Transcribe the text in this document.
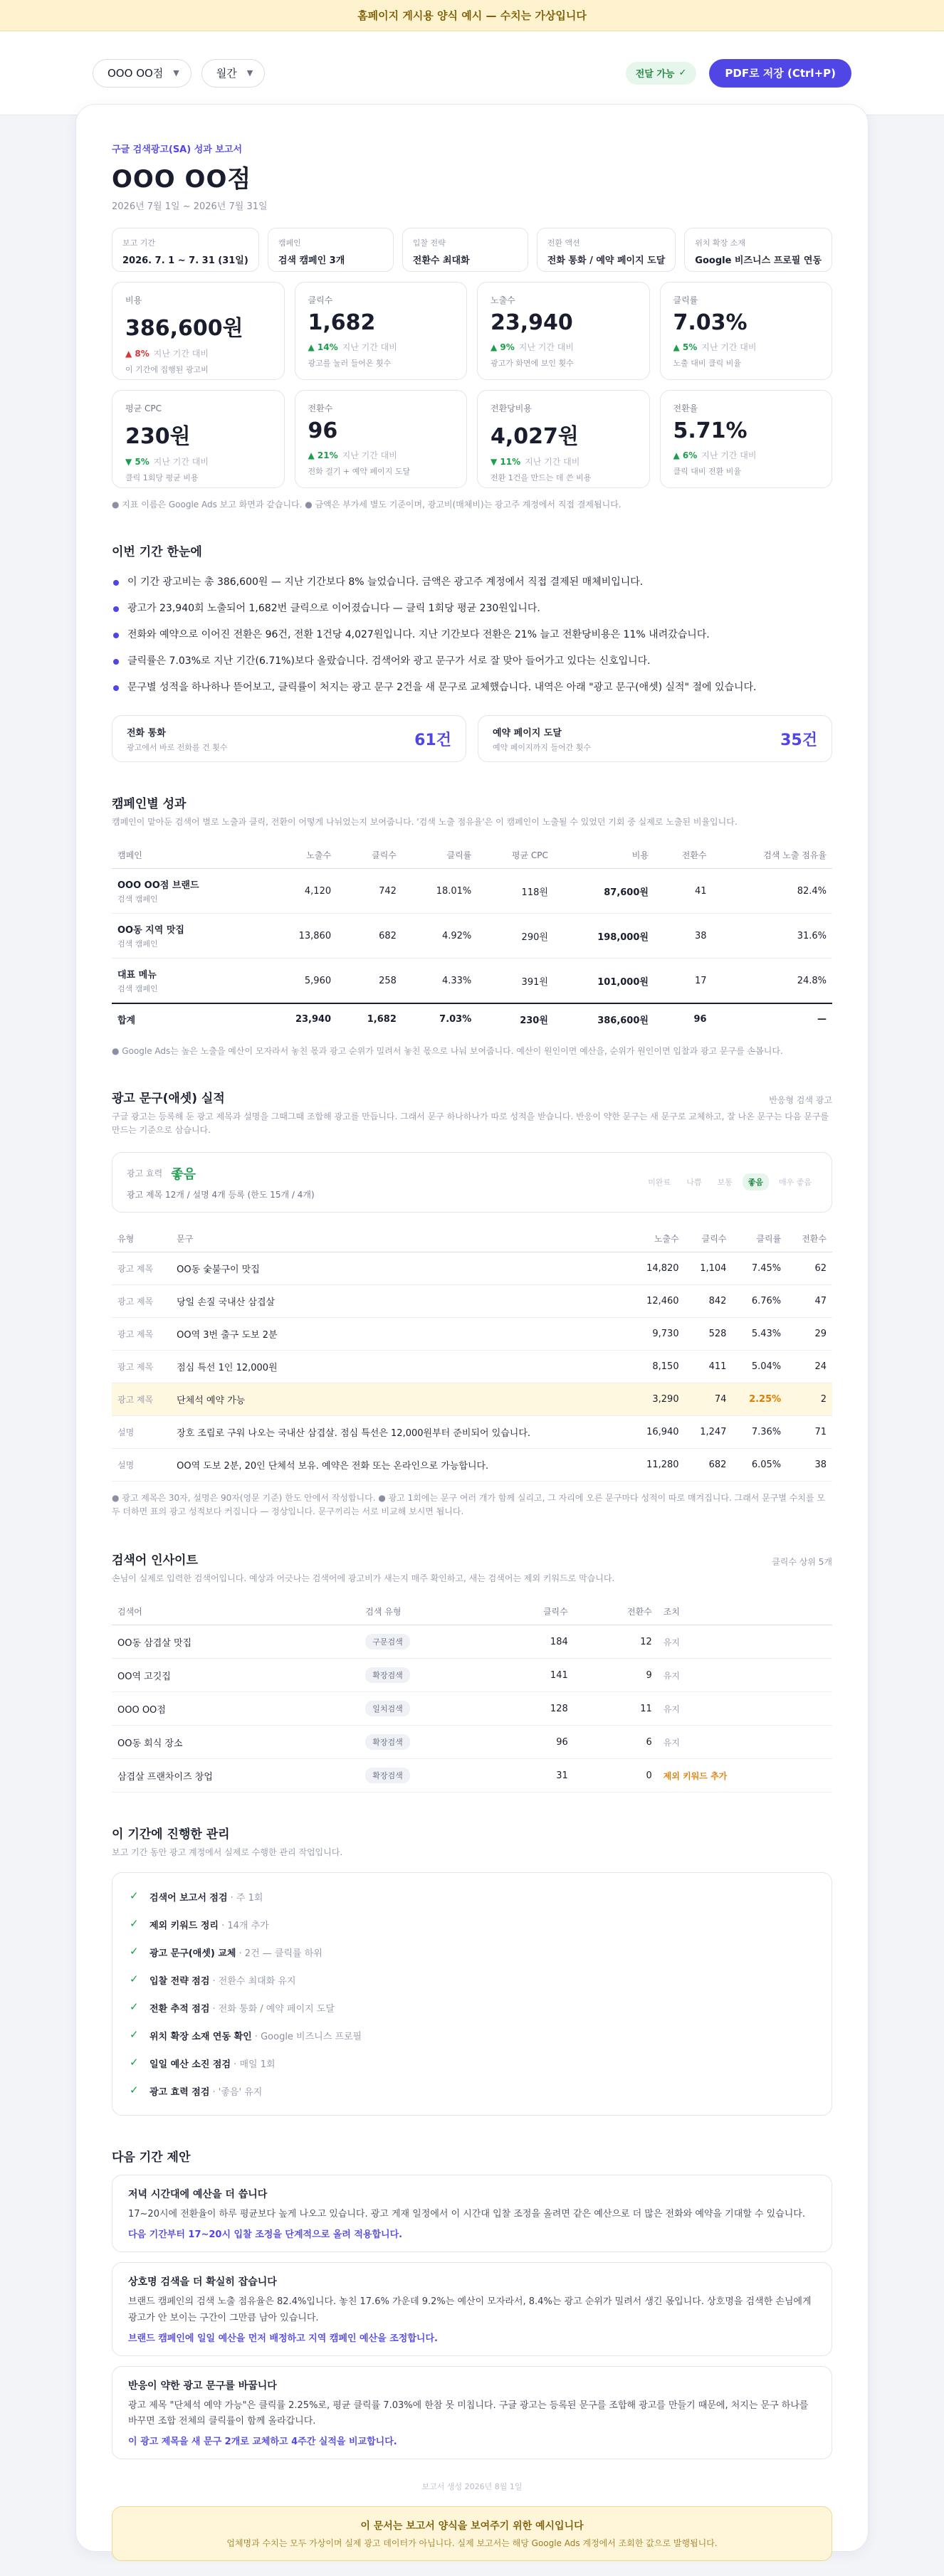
홈페이지 게시용 양식 예시 — 수치는 가상입니다
OOO OO점 ▼	월간 ▼	전달 가능 ✓	PDF로 저장 (Ctrl+P)
구글 검색광고(SA) 성과 보고서
OOO OO점
2026년 7월 1일 ~ 2026년 7월 31일
보고 기간
2026. 7. 1 ~ 7. 31 (31일)
캠페인
검색 캠페인 3개
입찰 전략
전환수 최대화
전환 액션
전화 통화 / 예약 페이지 도달
위치 확장 소재
Google 비즈니스 프로필 연동
비용
386,600원
▲ 8% 지난 기간 대비
이 기간에 집행된 광고비
클릭수
1,682
▲ 14% 지난 기간 대비
광고를 눌러 들어온 횟수
노출수
23,940
▲ 9% 지난 기간 대비
광고가 화면에 보인 횟수
클릭률
7.03%
▲ 5% 지난 기간 대비
노출 대비 클릭 비율
평균 CPC
230원
▼ 5% 지난 기간 대비
클릭 1회당 평균 비용
전환수
96
▲ 21% 지난 기간 대비
전화 걸기 + 예약 페이지 도달
전환당비용
4,027원
▼ 11% 지난 기간 대비
전환 1건을 만드는 데 쓴 비용
전환율
5.71%
▲ 6% 지난 기간 대비
클릭 대비 전환 비율
● 지표 이름은 Google Ads 보고 화면과 같습니다. ● 금액은 부가세 별도 기준이며, 광고비(매체비)는 광고주 계정에서 직접 결제됩니다.
이번 기간 한눈에
이 기간 광고비는 총 386,600원 — 지난 기간보다 8% 늘었습니다. 금액은 광고주 계정에서 직접 결제된 매체비입니다.
광고가 23,940회 노출되어 1,682번 클릭으로 이어졌습니다 — 클릭 1회당 평균 230원입니다.
전화와 예약으로 이어진 전환은 96건, 전환 1건당 4,027원입니다. 지난 기간보다 전환은 21% 늘고 전환당비용은 11% 내려갔습니다.
클릭률은 7.03%로 지난 기간(6.71%)보다 올랐습니다. 검색어와 광고 문구가 서로 잘 맞아 들어가고 있다는 신호입니다.
문구별 성적을 하나하나 뜯어보고, 클릭률이 처지는 광고 문구 2건을 새 문구로 교체했습니다. 내역은 아래 "광고 문구(애셋) 실적" 절에 있습니다.
전화 통화
광고에서 바로 전화를 건 횟수	61건	예약 페이지 도달
예약 페이지까지 들어간 횟수	35건
캠페인별 성과
캠페인이 맡아둔 검색어 별로 노출과 클릭, 전환이 어떻게 나뉘었는지 보여줍니다. '검색 노출 점유율'은 이 캠페인이 노출될 수 있었던 기회 중 실제로 노출된 비율입니다.
캠페인	노출수	클릭수	클릭률	평균 CPC	비용	전환수	검색 노출 점유율

OOO OO점 브랜드
검색 캠페인	4,120	742	18.01%	118원	87,600원	41	82.4%

OO동 지역 맛집
검색 캠페인	13,860	682	4.92%	290원	198,000원	38	31.6%

대표 메뉴
검색 캠페인	5,960	258	4.33%	391원	101,000원	17	24.8%
합계	23,940	1,682	7.03%	230원	386,600원	96	—
● Google Ads는 높은 노출을 예산이 모자라서 놓친 몫과 광고 순위가 밀려서 놓친 몫으로 나눠 보여줍니다. 예산이 원인이면 예산을, 순위가 원인이면 입찰과 광고 문구를 손봅니다.
광고 문구(애셋) 실적	반응형 검색 광고
구글 광고는 등록해 둔 광고 제목과 설명을 그때그때 조합해 광고를 만듭니다. 그래서 문구 하나하나가 따로 성적을 받습니다. 반응이 약한 문구는 새 문구로 교체하고, 잘 나온 문구는 다음 문구를 만드는 기준으로 삼습니다.
광고 효력 좋음
광고 제목 12개 / 설명 4개 등록 (한도 15개 / 4개)
미완료	나쁨	보통	좋음	매우 좋음
유형	문구	노출수	클릭수	클릭률	전환수
광고 제목	OO동 숯불구이 맛집	14,820	1,104	7.45%	62
광고 제목	당일 손질 국내산 삼겹살	12,460	842	6.76%	47
광고 제목	OO역 3번 출구 도보 2분	9,730	528	5.43%	29
광고 제목	점심 특선 1인 12,000원	8,150	411	5.04%	24
광고 제목	단체석 예약 가능	3,290	74	2.25%	2
설명	장호 조립로 구워 나오는 국내산 삼겹살. 점심 특선은 12,000원부터 준비되어 있습니다.	16,940	1,247	7.36%	71
설명	OO역 도보 2분, 20인 단체석 보유. 예약은 전화 또는 온라인으로 가능합니다.	11,280	682	6.05%	38
● 광고 제목은 30자, 설명은 90자(영문 기준) 한도 안에서 작성합니다. ● 광고 1회에는 문구 여러 개가 함께 실리고, 그 자리에 오른 문구마다 성적이 따로 매겨집니다. 그래서 문구별 수치를 모두 더하면 표의 광고 성적보다 커집니다 — 정상입니다. 문구끼리는 서로 비교해 보시면 됩니다.
검색어 인사이트	클릭수 상위 5개
손님이 실제로 입력한 검색어입니다. 예상과 어긋나는 검색어에 광고비가 새는지 매주 확인하고, 새는 검색어는 제외 키워드로 막습니다.
검색어	검색 유형	클릭수	전환수	조치
OO동 삼겹살 맛집	구문검색	184	12	유지
OO역 고깃집	확장검색	141	9	유지
OOO OO점	일치검색	128	11	유지
OO동 회식 장소	확장검색	96	6	유지
삼겹살 프랜차이즈 창업	확장검색	31	0	제외 키워드 추가
이 기간에 진행한 관리
보고 기간 동안 광고 계정에서 실제로 수행한 관리 작업입니다.
✓ 검색어 보고서 점검 · 주 1회
✓ 제외 키워드 정리 · 14개 추가
✓ 광고 문구(애셋) 교체 · 2건 — 클릭률 하위
✓ 입찰 전략 점검 · 전환수 최대화 유지
✓ 전환 추적 점검 · 전화 통화 / 예약 페이지 도달
✓ 위치 확장 소재 연동 확인 · Google 비즈니스 프로필
✓ 일일 예산 소진 점검 · 매일 1회
✓ 광고 효력 점검 · '좋음' 유지
다음 기간 제안
저녁 시간대에 예산을 더 씁니다
17~20시에 전환율이 하루 평균보다 높게 나오고 있습니다. 광고 게재 일정에서 이 시간대 입찰 조정을 올려면 같은 예산으로 더 많은 전화와 예약을 기대할 수 있습니다.
다음 기간부터 17~20시 입찰 조정을 단계적으로 올려 적용합니다.
상호명 검색을 더 확실히 잡습니다
브랜드 캠페인의 검색 노출 점유율은 82.4%입니다. 놓친 17.6% 가운데 9.2%는 예산이 모자라서, 8.4%는 광고 순위가 밀려서 생긴 몫입니다. 상호명을 검색한 손님에게 광고가 안 보이는 구간이 그만큼 남아 있습니다.
브랜드 캠페인에 일일 예산을 먼저 배정하고 지역 캠페인 예산을 조정합니다.
반응이 약한 광고 문구를 바꿉니다
광고 제목 "단체석 예약 가능"은 클릭률 2.25%로, 평균 클릭률 7.03%에 한참 못 미칩니다. 구글 광고는 등록된 문구를 조합해 광고를 만들기 때문에, 처지는 문구 하나를 바꾸면 조합 전체의 클릭률이 함께 올라갑니다.
이 광고 제목을 새 문구 2개로 교체하고 4주간 실적을 비교합니다.
보고서 생성 2026년 8월 1일
이 문서는 보고서 양식을 보여주기 위한 예시입니다
업체명과 수치는 모두 가상이며 실제 광고 데이터가 아닙니다. 실제 보고서는 해당 Google Ads 계정에서 조회한 값으로 발행됩니다.
